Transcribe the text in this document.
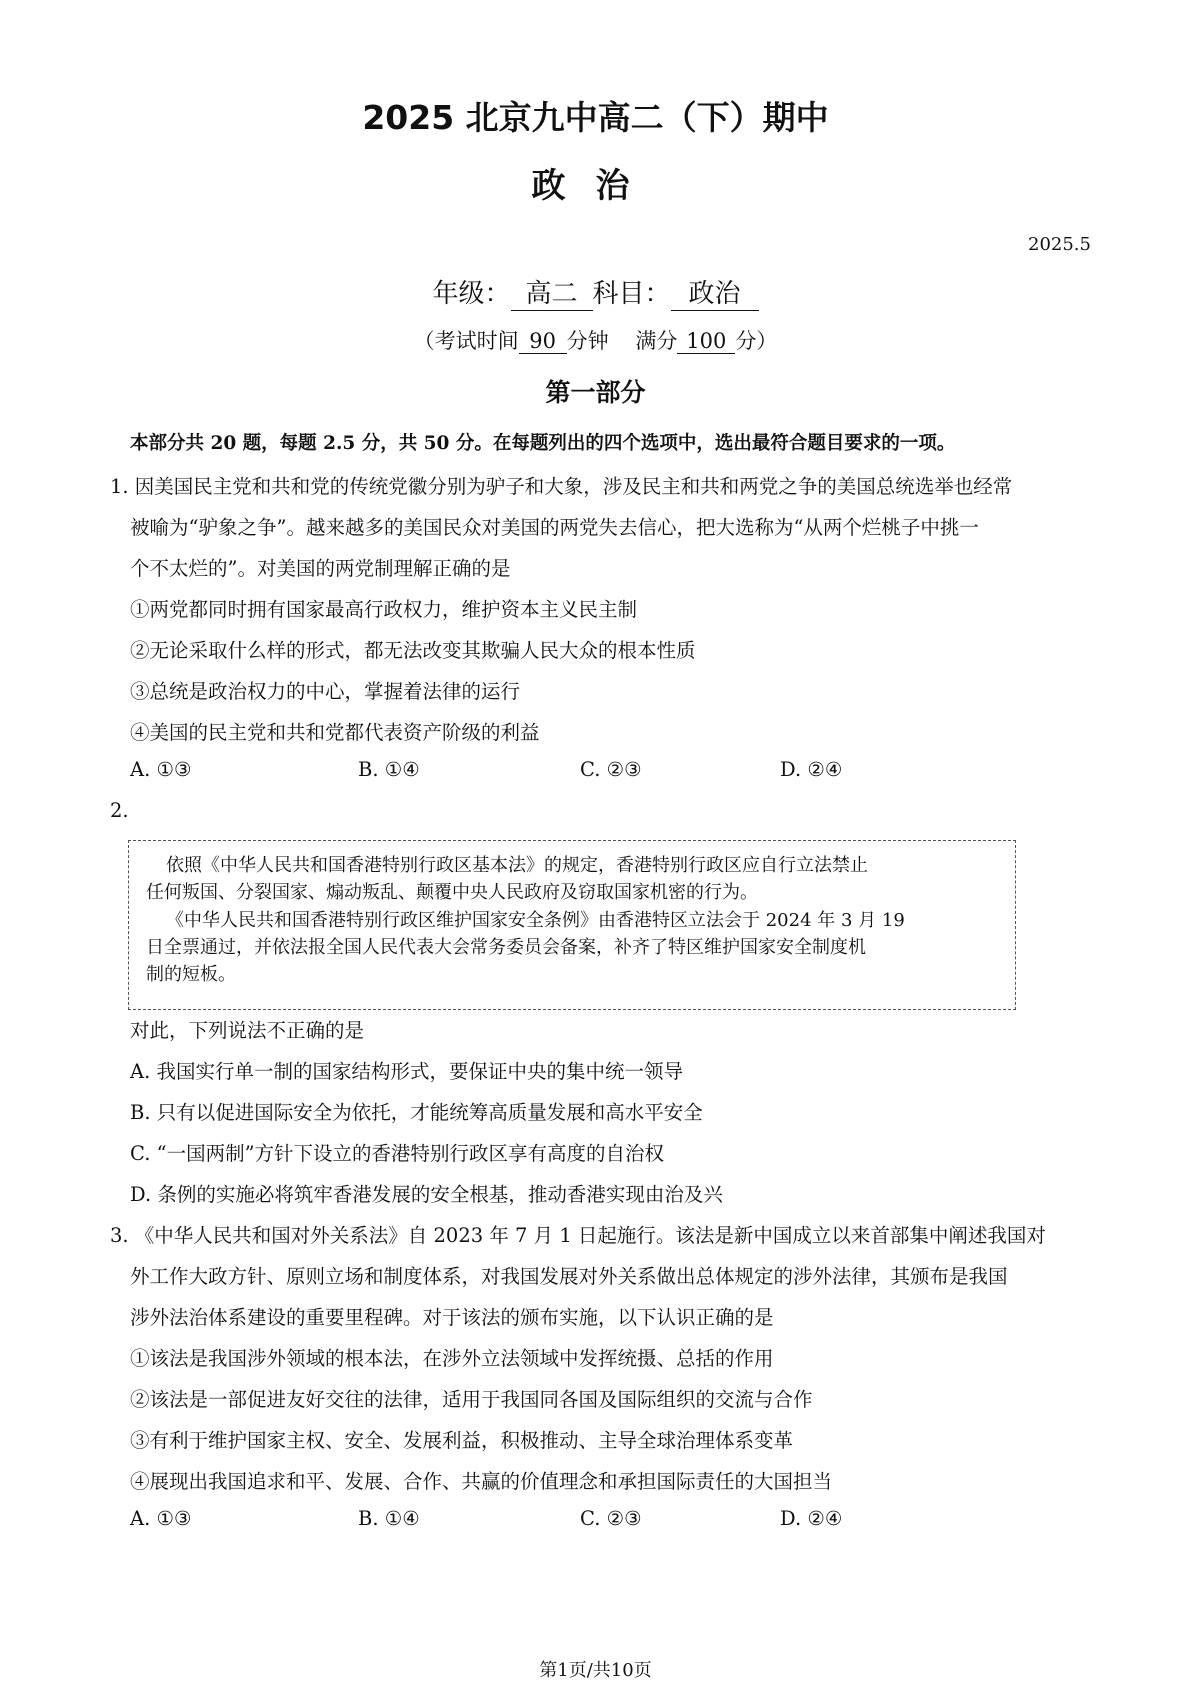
2025 北京九中高二（下）期中
政治
2025.5
年级： 高二 科目： 政治
（考试时间 90 分钟 满分 100 分）
第一部分
本部分共 20 题，每题 2.5 分，共 50 分。在每题列出的四个选项中，选出最符合题目要求的一项。
1. 因美国民主党和共和党的传统党徽分别为驴子和大象，涉及民主和共和两党之争的美国总统选举也经常
被喻为“驴象之争”。越来越多的美国民众对美国的两党失去信心，把大选称为“从两个烂桃子中挑一
个不太烂的”。对美国的两党制理解正确的是
①两党都同时拥有国家最高行政权力，维护资本主义民主制
②无论采取什么样的形式，都无法改变其欺骗人民大众的根本性质
③总统是政治权力的中心，掌握着法律的运行
④美国的民主党和共和党都代表资产阶级的利益
A. ①③	B. ①④	C. ②③	D. ②④
2.
依照《中华人民共和国香港特别行政区基本法》的规定，香港特别行政区应自行立法禁止
任何叛国、分裂国家、煽动叛乱、颠覆中央人民政府及窃取国家机密的行为。
《中华人民共和国香港特别行政区维护国家安全条例》由香港特区立法会于 2024 年 3 月 19
日全票通过，并依法报全国人民代表大会常务委员会备案，补齐了特区维护国家安全制度机
制的短板。
对此，下列说法不正确的是
A. 我国实行单一制的国家结构形式，要保证中央的集中统一领导
B. 只有以促进国际安全为依托，才能统筹高质量发展和高水平安全
C. “一国两制”方针下设立的香港特别行政区享有高度的自治权
D. 条例的实施必将筑牢香港发展的安全根基，推动香港实现由治及兴
3. 《中华人民共和国对外关系法》自 2023 年 7 月 1 日起施行。该法是新中国成立以来首部集中阐述我国对
外工作大政方针、原则立场和制度体系，对我国发展对外关系做出总体规定的涉外法律，其颁布是我国
涉外法治体系建设的重要里程碑。对于该法的颁布实施，以下认识正确的是
①该法是我国涉外领域的根本法，在涉外立法领域中发挥统摄、总括的作用
②该法是一部促进友好交往的法律，适用于我国同各国及国际组织的交流与合作
③有利于维护国家主权、安全、发展利益，积极推动、主导全球治理体系变革
④展现出我国追求和平、发展、合作、共赢的价值理念和承担国际责任的大国担当
A. ①③	B. ①④	C. ②③	D. ②④
第1页/共10页
